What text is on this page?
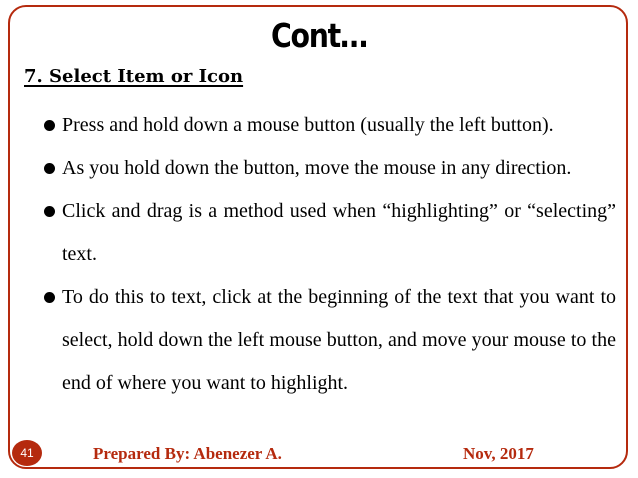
Cont…
7. Select Item or Icon
Press and hold down a mouse button (usually the left button).
As you hold down the button, move the mouse in any direction.
Click and drag is a method used when “highlighting” or “selecting” text.
To do this to text, click at the beginning of the text that you want to select, hold down the left mouse button, and move your mouse to the end of where you want to highlight.
41	Prepared By: Abenezer A.	Nov, 2017
